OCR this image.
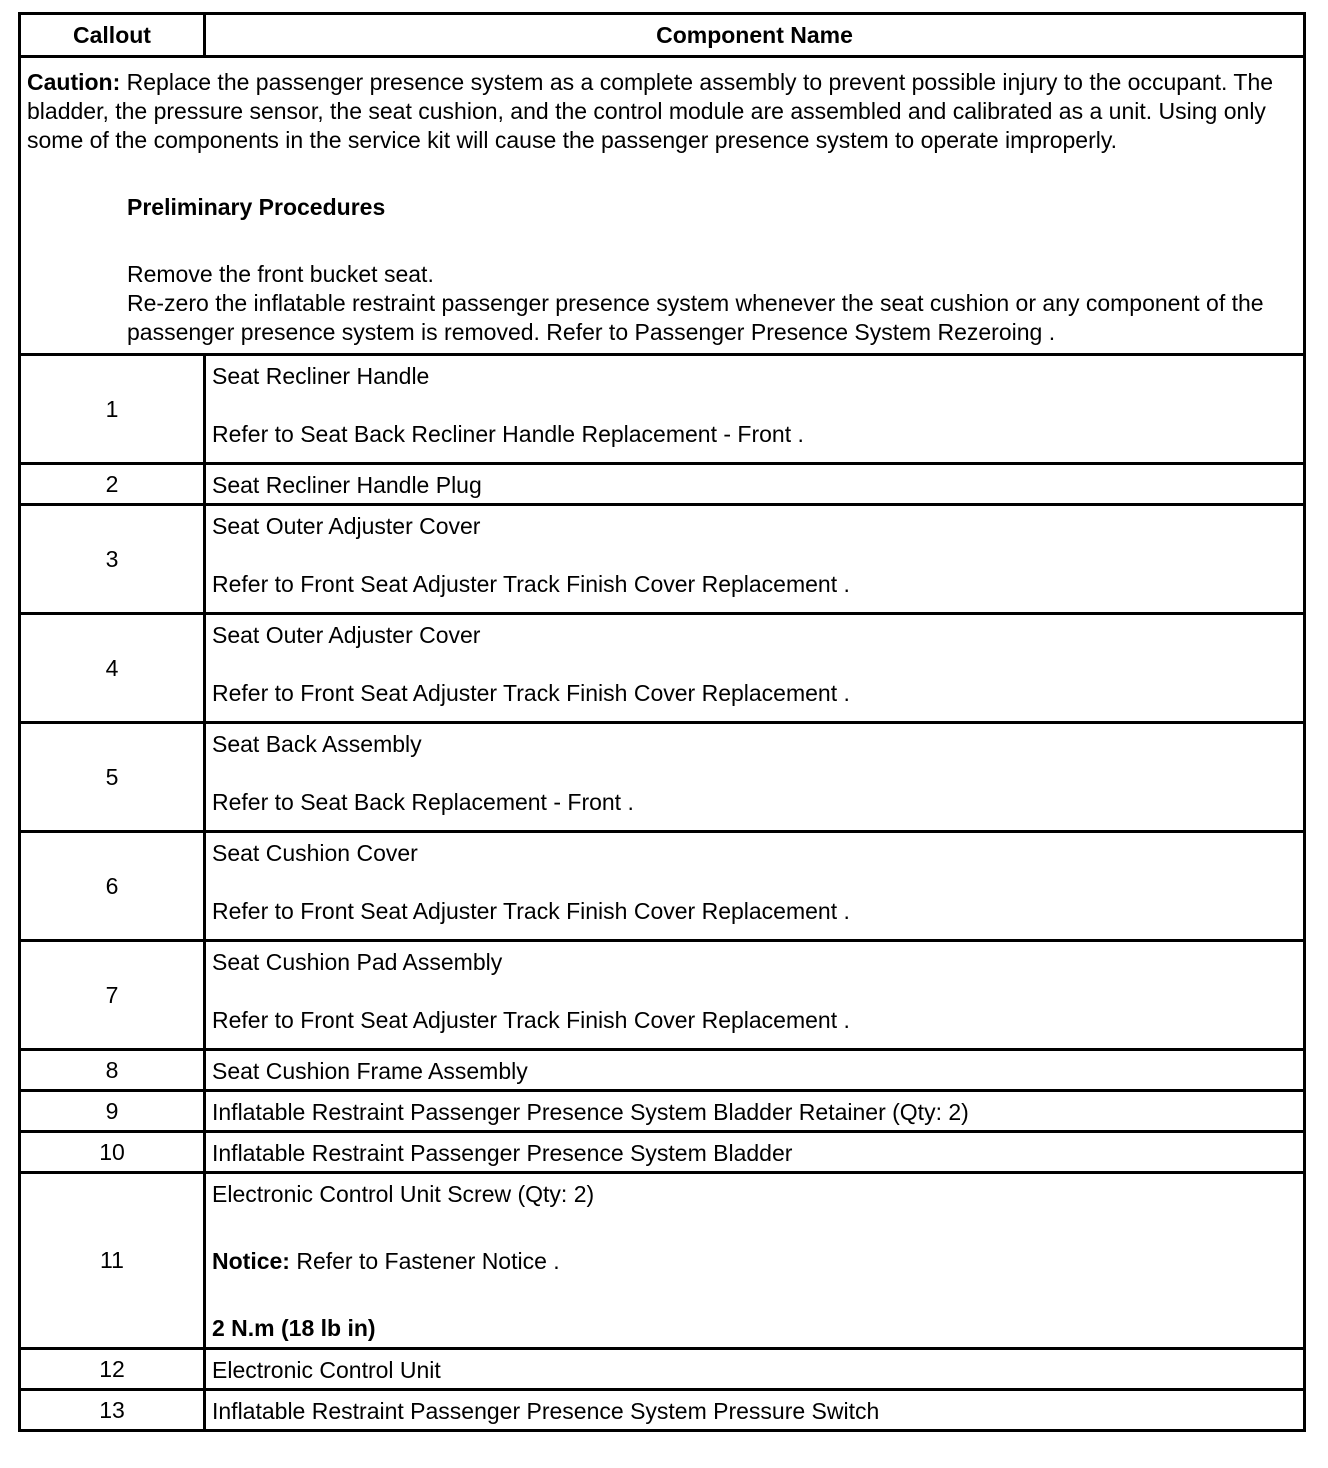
Callout	Component Name

Caution: Replace the passenger presence system as a complete assembly to prevent possible injury to the occupant. The bladder, the pressure sensor, the seat cushion, and the control module are assembled and calibrated as a unit. Using only some of the components in the service kit will cause the passenger presence system to operate improperly.
Preliminary Procedures
Remove the front bucket seat.
Re-zero the inflatable restraint passenger presence system whenever the seat cushion or any component of the passenger presence system is removed. Refer to Passenger Presence System Rezeroing .	

1	Seat Recliner Handle
Refer to Seat Back Recliner Handle Replacement - Front .

2	Seat Recliner Handle Plug

3	Seat Outer Adjuster Cover
Refer to Front Seat Adjuster Track Finish Cover Replacement .

4	Seat Outer Adjuster Cover
Refer to Front Seat Adjuster Track Finish Cover Replacement .

5	Seat Back Assembly
Refer to Seat Back Replacement - Front .

6	Seat Cushion Cover
Refer to Front Seat Adjuster Track Finish Cover Replacement .

7	Seat Cushion Pad Assembly
Refer to Front Seat Adjuster Track Finish Cover Replacement .

8	Seat Cushion Frame Assembly

9	Inflatable Restraint Passenger Presence System Bladder Retainer (Qty: 2)

10	Inflatable Restraint Passenger Presence System Bladder

11	Electronic Control Unit Screw (Qty: 2)
Notice: Refer to Fastener Notice .
2 N.m (18 lb in)

12	Electronic Control Unit

13	Inflatable Restraint Passenger Presence System Pressure Switch
